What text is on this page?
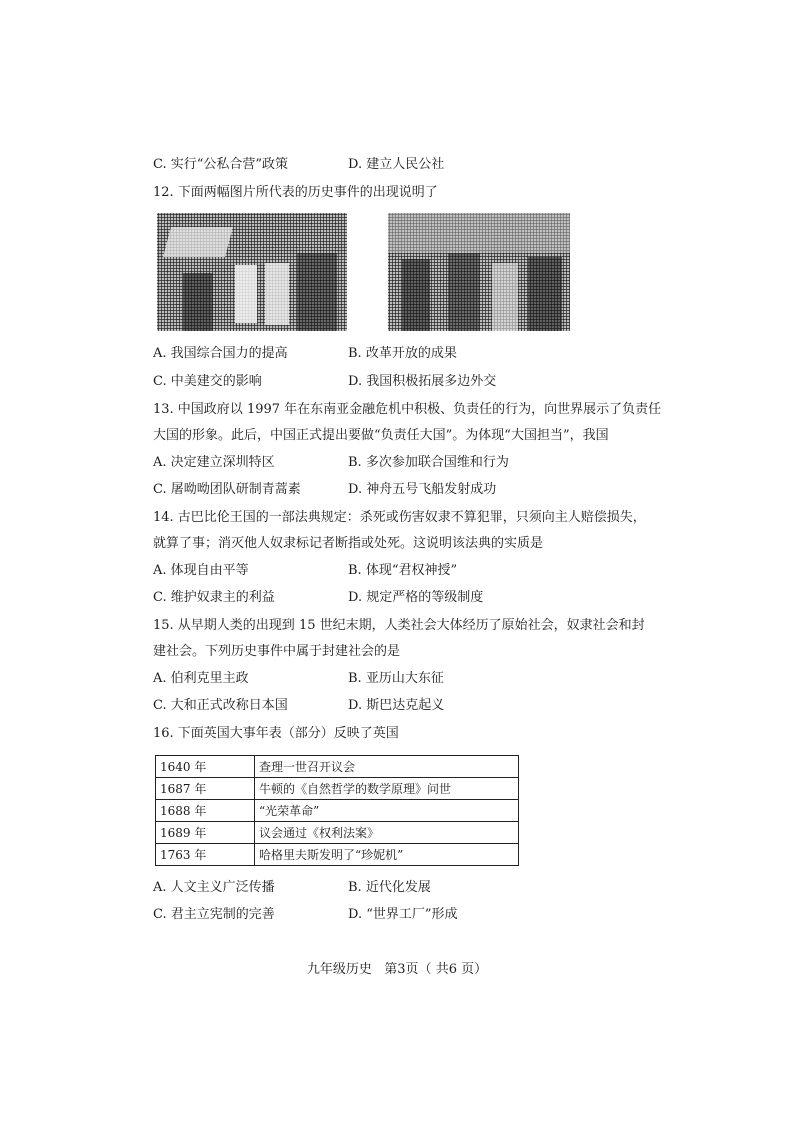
C. 实行“公私合营”政策	D. 建立人民公社
12. 下面两幅图片所代表的历史事件的出现说明了
A. 我国综合国力的提高	B. 改革开放的成果
C. 中美建交的影响	D. 我国积极拓展多边外交
13. 中国政府以 1997 年在东南亚金融危机中积极、负责任的行为，向世界展示了负责任
大国的形象。此后，中国正式提出要做“负责任大国”。为体现“大国担当”，我国
A. 决定建立深圳特区	B. 多次参加联合国维和行为
C. 屠呦呦团队研制青蒿素	D. 神舟五号飞船发射成功
14. 古巴比伦王国的一部法典规定：杀死或伤害奴隶不算犯罪，只须向主人赔偿损失，
就算了事；消灭他人奴隶标记者断指或处死。这说明该法典的实质是
A. 体现自由平等	B. 体现“君权神授”
C. 维护奴隶主的利益	D. 规定严格的等级制度
15. 从早期人类的出现到 15 世纪末期，人类社会大体经历了原始社会，奴隶社会和封
建社会。下列历史事件中属于封建社会的是
A. 伯利克里主政	B. 亚历山大东征
C. 大和正式改称日本国	D. 斯巴达克起义
16. 下面英国大事年表（部分）反映了英国
1640 年	查理一世召开议会
1687 年	牛顿的《自然哲学的数学原理》问世
1688 年	“光荣革命”
1689 年	议会通过《权利法案》
1763 年	哈格里夫斯发明了“珍妮机”
A. 人文主义广泛传播	B. 近代化发展
C. 君主立宪制的完善	D. “世界工厂”形成
九年级历史   第3页（ 共6 页）
